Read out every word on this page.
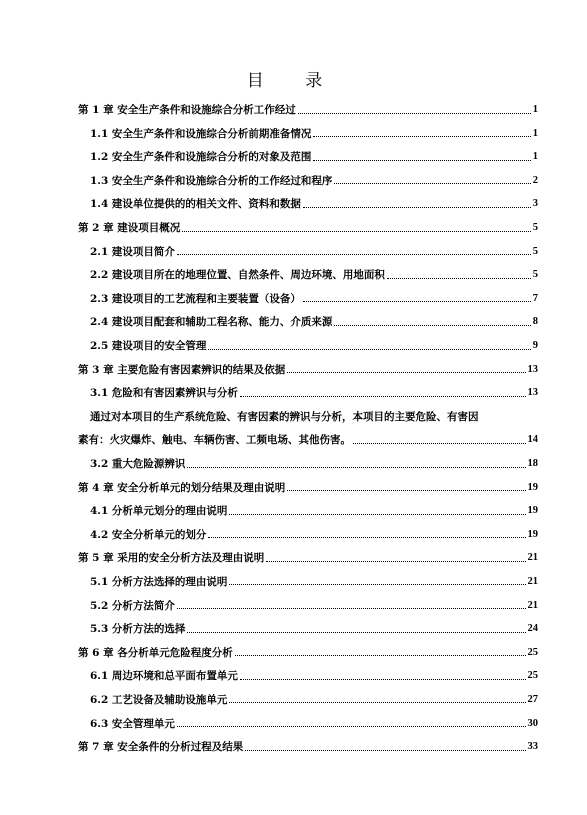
目 录
第 1 章 安全生产条件和设施综合分析工作经过	1
1.1 安全生产条件和设施综合分析前期准备情况	1
1.2 安全生产条件和设施综合分析的对象及范围	1
1.3 安全生产条件和设施综合分析的工作经过和程序	2
1.4 建设单位提供的的相关文件、资料和数据	3
第 2 章 建设项目概况	5
2.1 建设项目简介	5
2.2 建设项目所在的地理位置、自然条件、周边环境、用地面积	5
2.3 建设项目的工艺流程和主要装置（设备）	7
2.4 建设项目配套和辅助工程名称、能力、介质来源	8
2.5 建设项目的安全管理	9
第 3 章 主要危险有害因素辨识的结果及依据	13
3.1 危险和有害因素辨识与分析	13
通过对本项目的生产系统危险、有害因素的辨识与分析，本项目的主要危险、有害因
素有：火灾爆炸、触电、车辆伤害、工频电场、其他伤害。	14
3.2 重大危险源辨识	18
第 4 章 安全分析单元的划分结果及理由说明	19
4.1 分析单元划分的理由说明	19
4.2 安全分析单元的划分	19
第 5 章 采用的安全分析方法及理由说明	21
5.1 分析方法选择的理由说明	21
5.2 分析方法简介	21
5.3 分析方法的选择	24
第 6 章 各分析单元危险程度分析	25
6.1 周边环境和总平面布置单元	25
6.2 工艺设备及辅助设施单元	27
6.3 安全管理单元	30
第 7 章 安全条件的分析过程及结果	33
